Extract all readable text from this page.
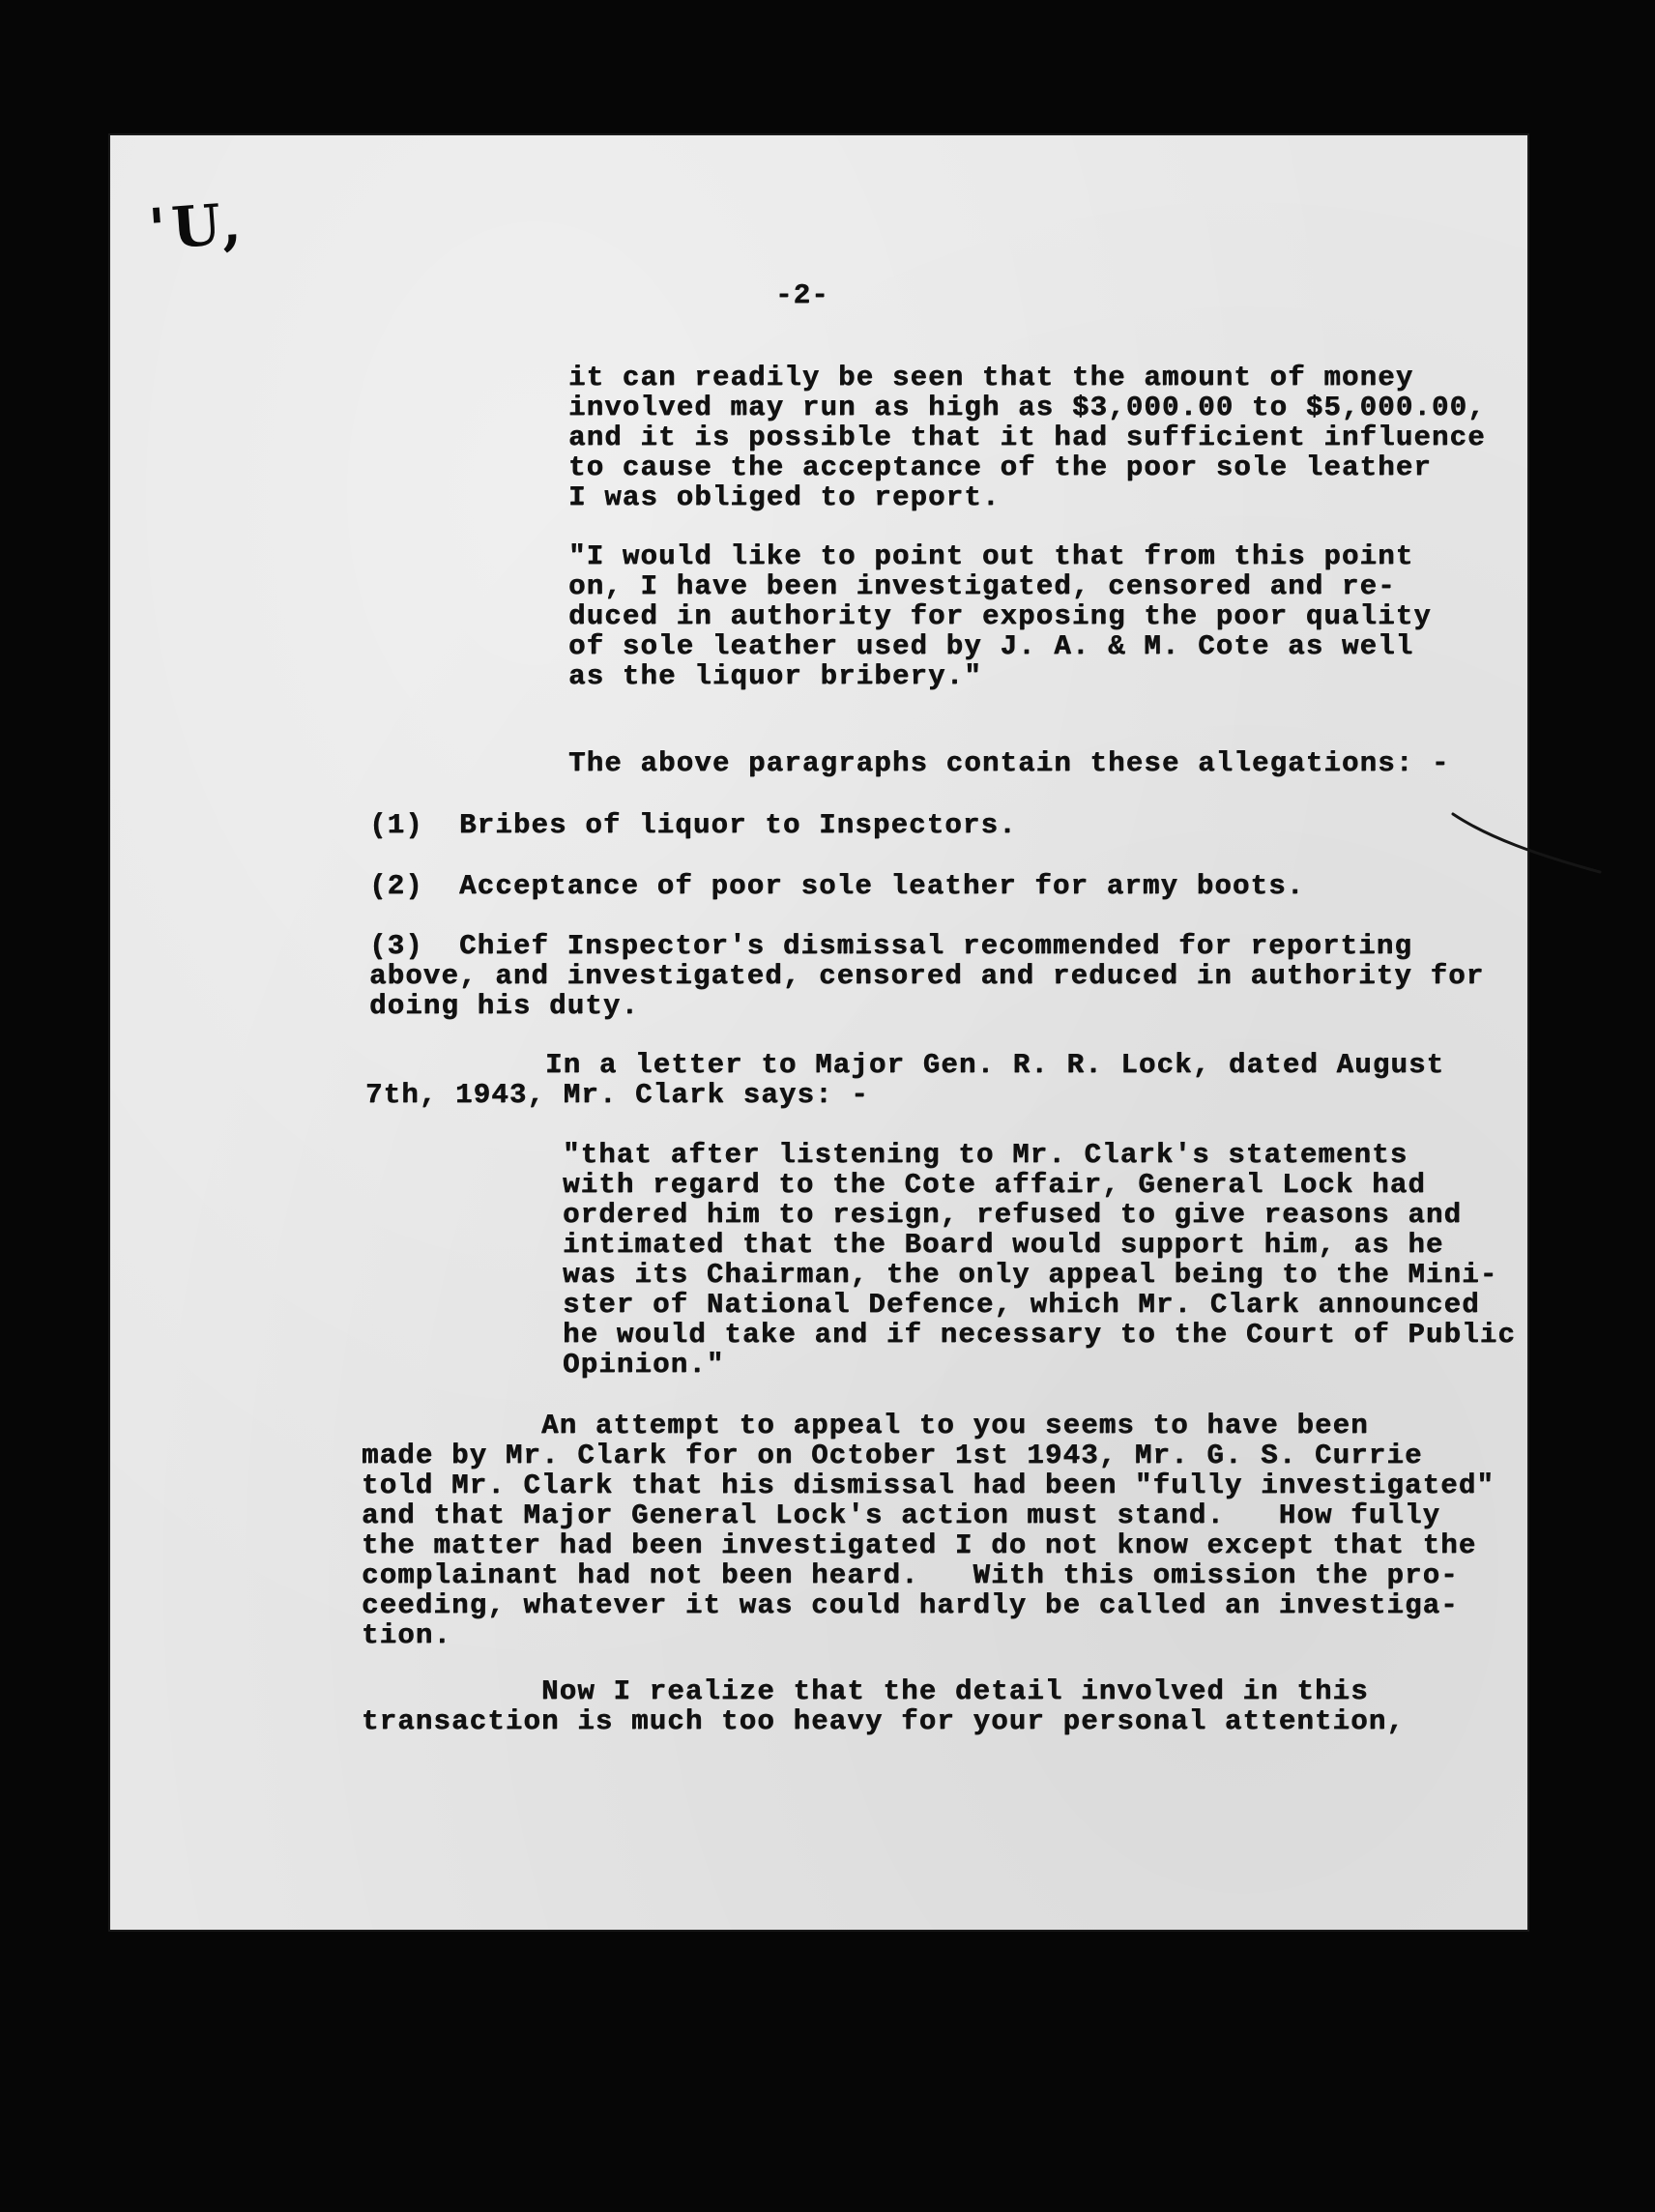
'U,

-2-

it can readily be seen that the amount of money
involved may run as high as $3,000.00 to $5,000.00,
and it is possible that it had sufficient influence
to cause the acceptance of the poor sole leather
I was obliged to report.

"I would like to point out that from this point
on, I have been investigated, censored and re-
duced in authority for exposing the poor quality
of sole leather used by J. A. & M. Cote as well
as the liquor bribery."

The above paragraphs contain these allegations: -

(1)  Bribes of liquor to Inspectors.

(2)  Acceptance of poor sole leather for army boots.

(3)  Chief Inspector's dismissal recommended for reporting
above, and investigated, censored and reduced in authority for
doing his duty.

In a letter to Major Gen. R. R. Lock, dated August
7th, 1943, Mr. Clark says: -

"that after listening to Mr. Clark's statements
with regard to the Cote affair, General Lock had
ordered him to resign, refused to give reasons and
intimated that the Board would support him, as he
was its Chairman, the only appeal being to the Mini-
ster of National Defence, which Mr. Clark announced
he would take and if necessary to the Court of Public
Opinion."

An attempt to appeal to you seems to have been
made by Mr. Clark for on October 1st 1943, Mr. G. S. Currie
told Mr. Clark that his dismissal had been "fully investigated"
and that Major General Lock's action must stand.   How fully
the matter had been investigated I do not know except that the
complainant had not been heard.   With this omission the pro-
ceeding, whatever it was could hardly be called an investiga-
tion.

Now I realize that the detail involved in this
transaction is much too heavy for your personal attention,
